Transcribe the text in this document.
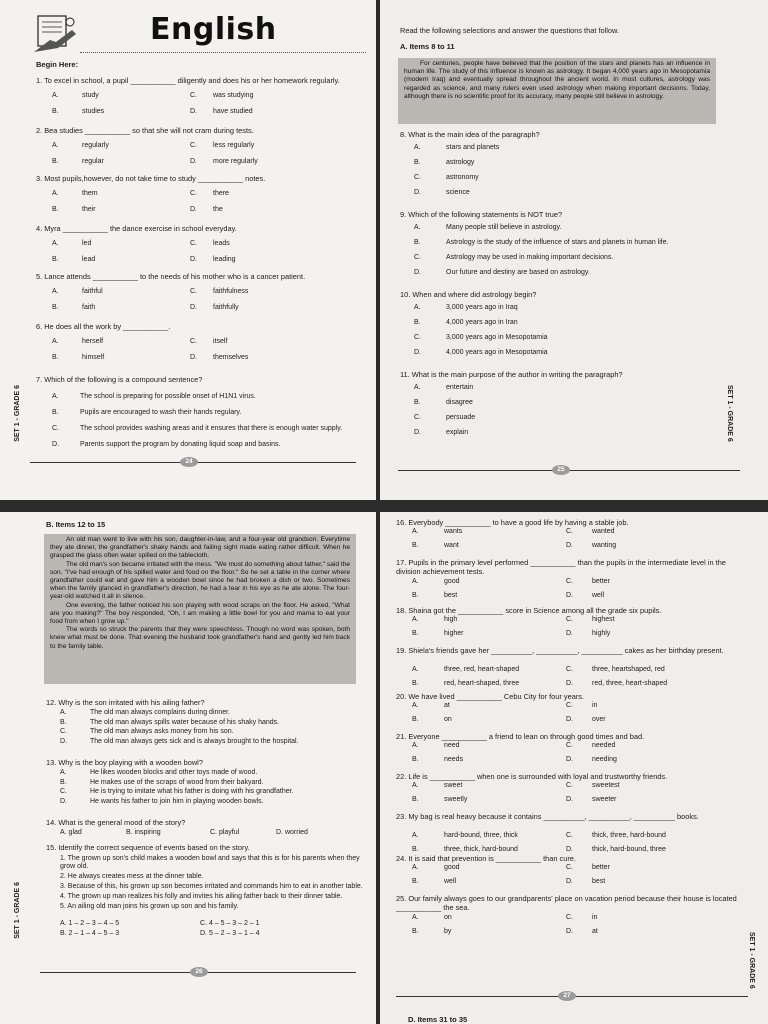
English
Begin Here:
SET 1 - GRADE 6
24
1. To excel in school, a pupil ___________ diligently and does his or her homework regularly.
A.	study	C. was studying
B.	studies	D. have studied
2. Bea studies ___________ so that she will not cram during tests.
A.	regularly	C. less regularly
B.	regular	D. more regularly
3. Most pupils,however, do not take time to study ___________ notes.
A.	them	C. there
B.	their	D. the
4. Myra ___________ the dance exercise in school everyday.
A.	led	C. leads
B.	lead	D. leading
5. Lance attends ___________ to the needs of his mother who is a cancer patient.
A.	faithful	C. faithfulness
B.	faith	D. faithfully
6. He does all the work by ___________.
A.	herself	C. itself
B.	himself	D. themselves
7. Which of the following is a compound sentence?
A.	The school is preparing for possible onset of H1N1 virus.
B.	Pupils are encouraged to wash their hands regulary.
C.	The school provides washing areas and it ensures that there is enough water supply.
D.	Parents support the program by donating liquid soap and basins.
Read the following selections and answer the questions that follow.
A. Items 8 to 11

For centuries, people have believed that the position of the stars and planets has an influence in human life. The study of this influence is known as astrology. It began 4,000 years ago in Mesopotamia (modern Iraq) and eventually spread throughout the ancient world. In most cultures, astrology was regarded as science, and many rulers even used astrology when making important decisions. Today, although there is no scientific proof for its accuracy, many people still believe in astrology.

SET 1 - GRADE 6
25
8. What is the main idea of the paragraph?
A.	stars and planets
B.	astrology
C.	astronomy
D.	science
9. Which of the following statements is NOT true?
A.	Many people still believe in astrology.
B.	Astrology is the study of the influence of stars and planets in human life.
C.	Astrology may be used in making important decisions.
D.	Our future and destiny are based on astrology.
10. When and where did astrology begin?
A.	3,000 years ago in Iraq
B.	4,000 years ago in Iran
C.	3,000 years ago in Mesopotamia
D.	4,000 years ago in Mesopotamia
11. What is the main purpose of the author in writing the paragraph?
A.	entertain
B.	disagree
C.	persuade
D.	explain
B. Items 12 to 15

An old man went to live with his son, daughter-in-law, and a four-year old grandson. Everytime they ate dinner, the grandfather's shaky hands and failing sight made eating rather difficult. When he grasped the glass often water spilled on the tablecloth.

The old man's son became irritated with the mess. "We must do something about father," said the son. "I've had enough of his spilled water and food on the floor." So he set a table in the corner where grandfather could eat and gave him a wooden bowl since he had broken a dish or two. Sometimes when the family glanced in grandfather's direction, he had a tear in his eye as he ate alone. The four-year-old watched it all in silence.

One evening, the father noticed his son playing with wood scraps on the floor. He asked, "What are you making?" The boy responded, "Oh, I am making a little bowl for you and mama to eat your food from when I grow up."

The words so struck the parents that they were speechless. Though no word was spoken, both knew what must be done. That evening the husband took grandfather's hand and gently led him back to the family table.

SET 1 - GRADE 6
26
12. Why is the son irritated with his ailing father?
A.	The old man always complains during dinner.
B.	The old man always spills water because of his shaky hands.
C.	The old man always asks money from his son.
D.	The old man always gets sick and is always brought to the hospital.
13. Why is the boy playing with a wooden bowl?
A.	He likes wooden blocks and other toys made of wood.
B.	He makes use of the scraps of wood from their bakyard.
C.	He is trying to imitate what his father is doing with his grandfather.
D.	He wants his father to join him in playing wooden bowls.
14. What is the general mood of the story?
A. glad	B. inspiring	C. playful	D. worried
15. Identify the correct sequence of events based on the story.
1. The grown up son's child makes a wooden bowl and says that this is for his parents when they grow old.
2. He always creates mess at the dinner table.
3. Because of this, his grown up son becomes irritated and commands him to eat in another table.
4. The grown up man realizes his folly and invites his ailing father back to their dinner table.
5. An ailing old man joins his grown up son and his family.
A. 1 – 2 – 3 – 4 – 5	C. 4 – 5 – 3 – 2 – 1
B. 2 – 1 – 4 – 5 – 3	D. 5 – 2 – 3 – 1 – 4	SET 1 - GRADE 6
27
D. Items 31 to 35
16. Everybody ___________ to have a good life by having a stable job.
A.	wants	C.	wanted
B.	want	D.	wanting
17. Pupils in the primary level performed ___________ than the pupils in the intermediate level in the division achievement tests.
A.	good	C.	better
B.	best	D.	well
18. Shaina got the ___________ score in Science among all the grade six pupils.
A.	high	C.	highest
B.	higher	D.	highly
19. Shiela's friends gave her __________, __________, __________ cakes as her birthday present.
A.	three, red, heart-shaped	C.	three, heartshaped, red
B.	red, heart-shaped, three	D.	red, three, heart-shaped
20. We have lived ___________ Cebu City for four years.
A.	at	C.	in
B.	on	D.	over
21. Everyone ___________ a friend to lean on through good times and bad.
A.	need	C.	needed
B.	needs	D.	needing
22. Life is ___________ when one is surrounded with loyal and trustworthy friends.
A.	sweet	C.	sweetest
B.	sweetly	D.	sweeter
23. My bag is real heavy because it contains __________, __________, __________ books.
A.	hard-bound, three, thick	C.	thick, three, hard-bound
B.	three, thick, hard-bound	D.	thick, hard-bound, three
24. It is said that prevention is ___________ than cure.
A.	good	C.	better
B.	well	D.	best
25. Our family always goes to our grandparents' place on vacation period because their house is located ___________ the sea.
A.	on	C.	in
B.	by	D.	at
